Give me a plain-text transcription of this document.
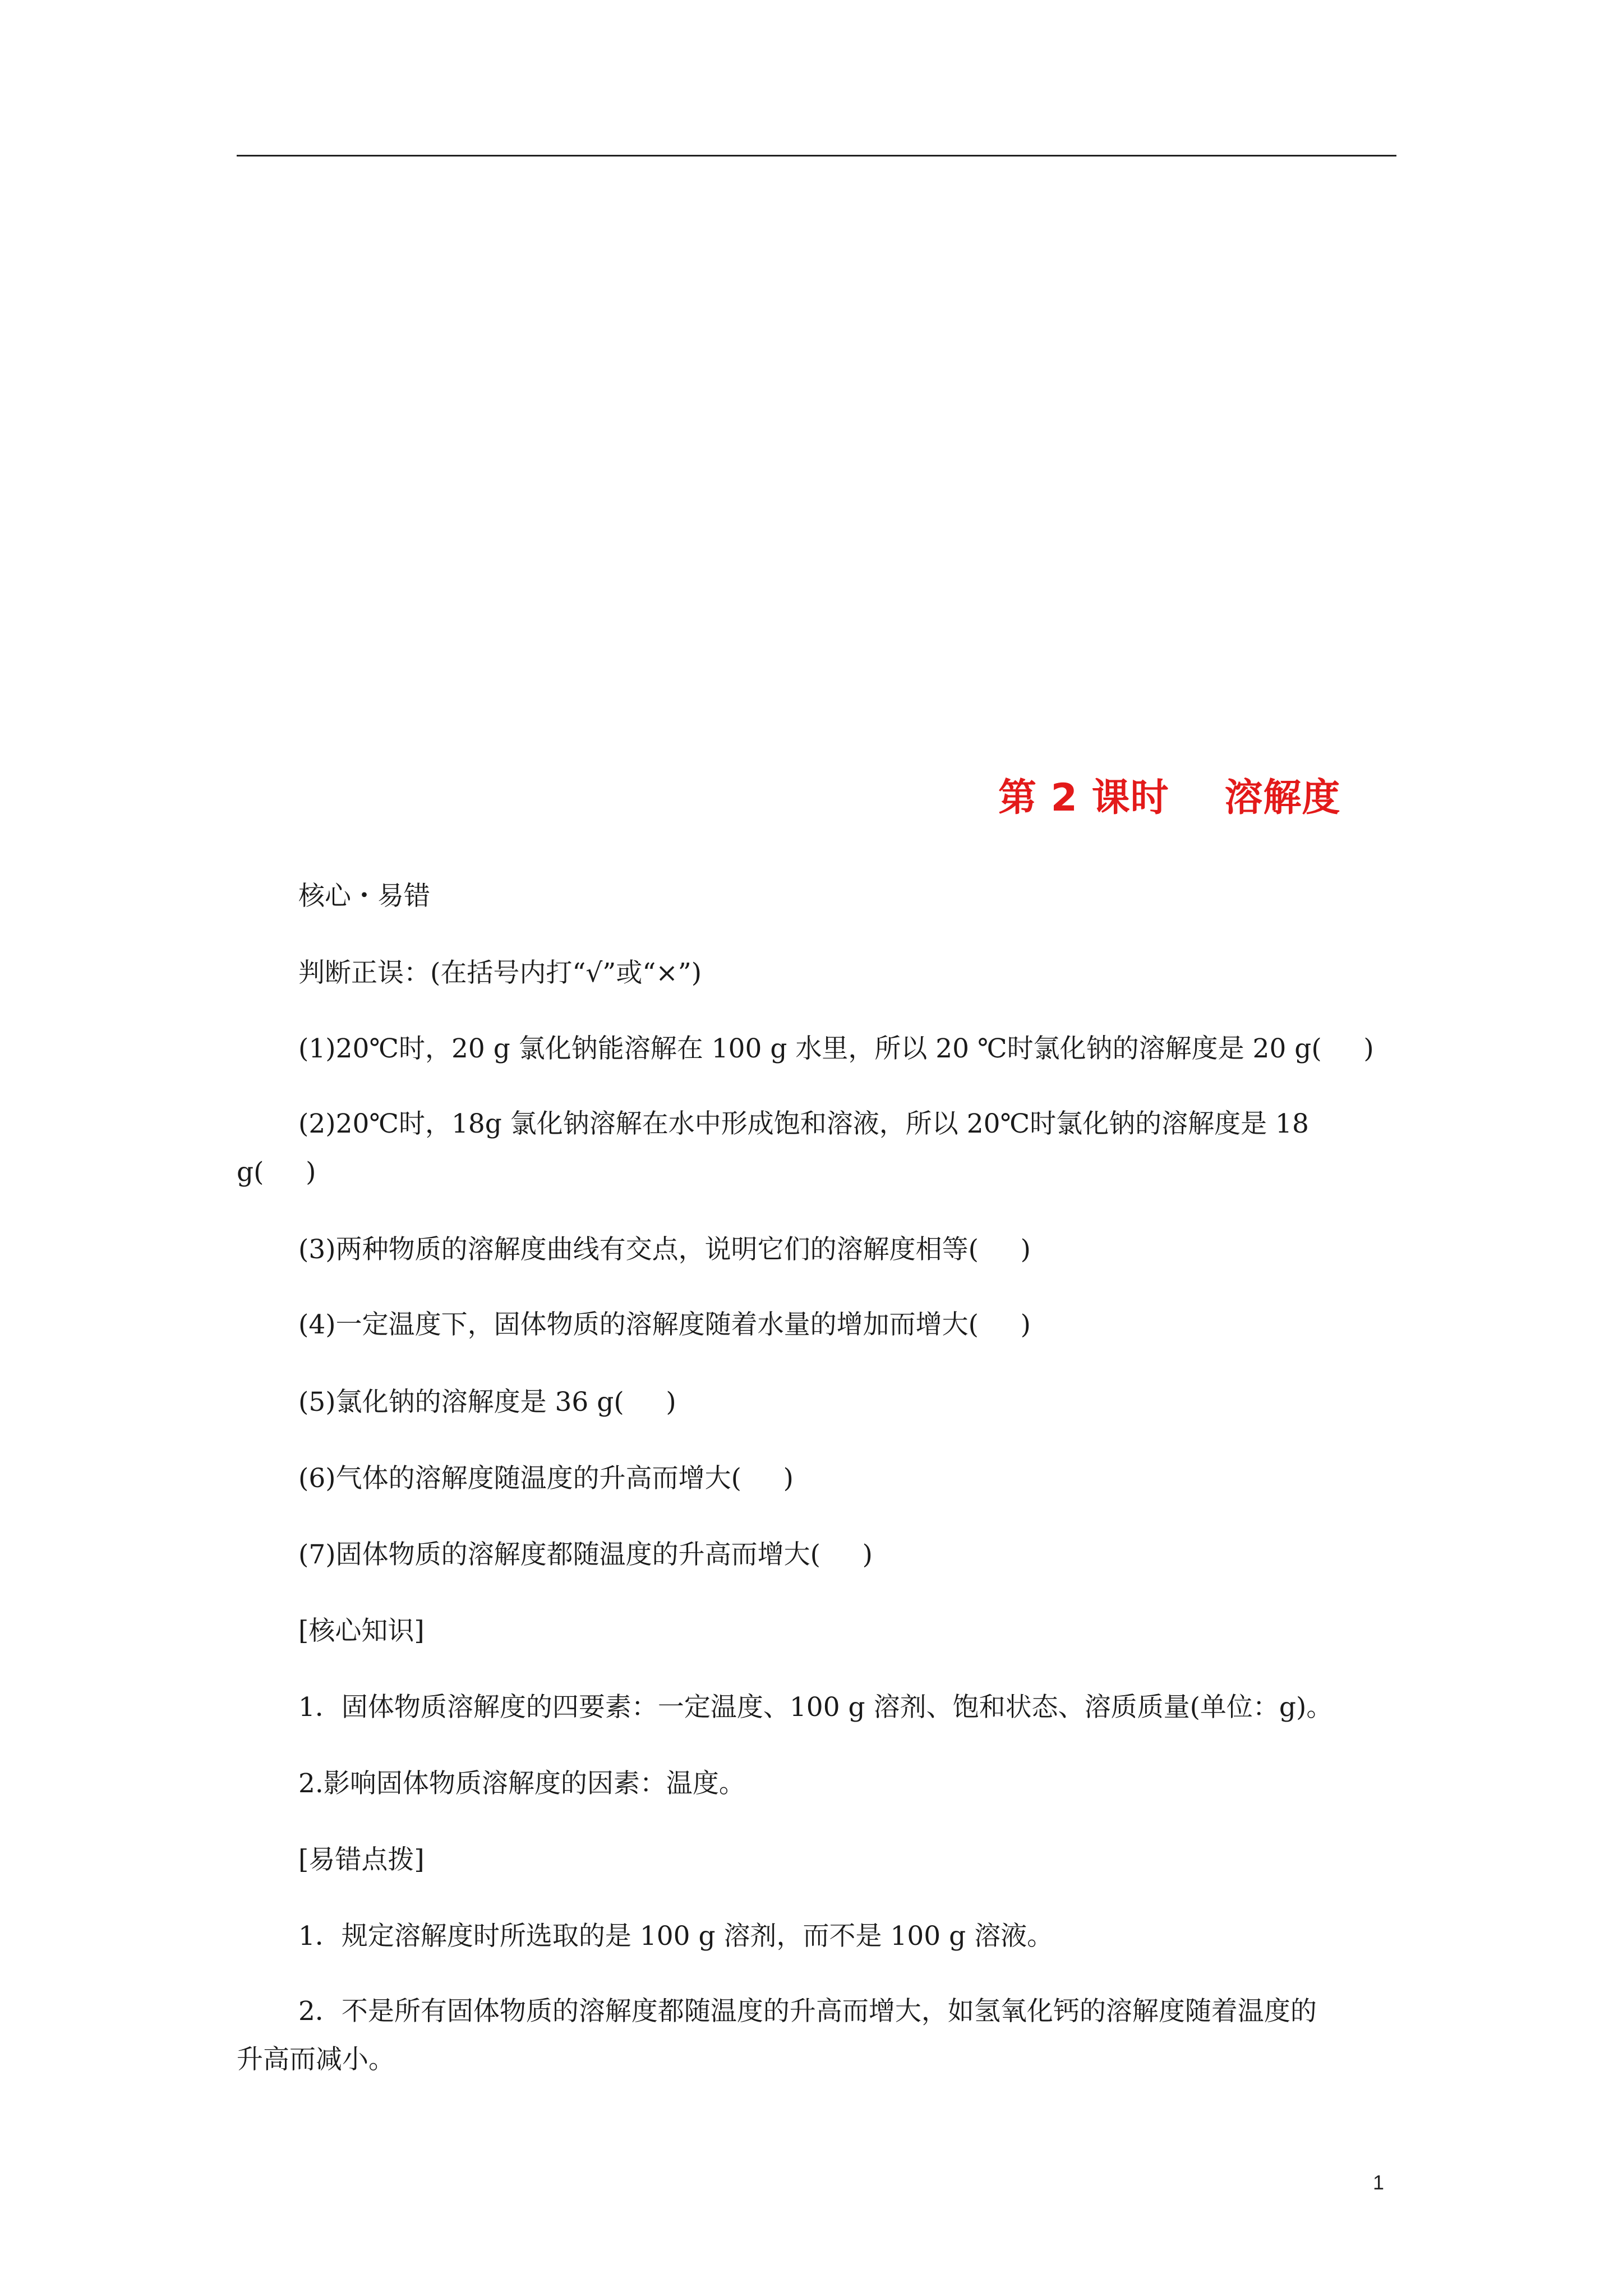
第 2 课时    溶解度
核心・易错
判断正误：(在括号内打“√”或“×”)
(1)20℃时，20 g 氯化钠能溶解在 100 g 水里，所以 20 ℃时氯化钠的溶解度是 20 g(     )
(2)20℃时，18g 氯化钠溶解在水中形成饱和溶液，所以 20℃时氯化钠的溶解度是 18
g(     )
(3)两种物质的溶解度曲线有交点，说明它们的溶解度相等(     )
(4)一定温度下，固体物质的溶解度随着水量的增加而增大(     )
(5)氯化钠的溶解度是 36 g(     )
(6)气体的溶解度随温度的升高而增大(     )
(7)固体物质的溶解度都随温度的升高而增大(     )
[核心知识]
1．固体物质溶解度的四要素：一定温度、100 g 溶剂、饱和状态、溶质质量(单位：g)。
2.影响固体物质溶解度的因素：温度。
[易错点拨]
1．规定溶解度时所选取的是 100 g 溶剂，而不是 100 g 溶液。
2．不是所有固体物质的溶解度都随温度的升高而增大，如氢氧化钙的溶解度随着温度的
升高而减小。
1
